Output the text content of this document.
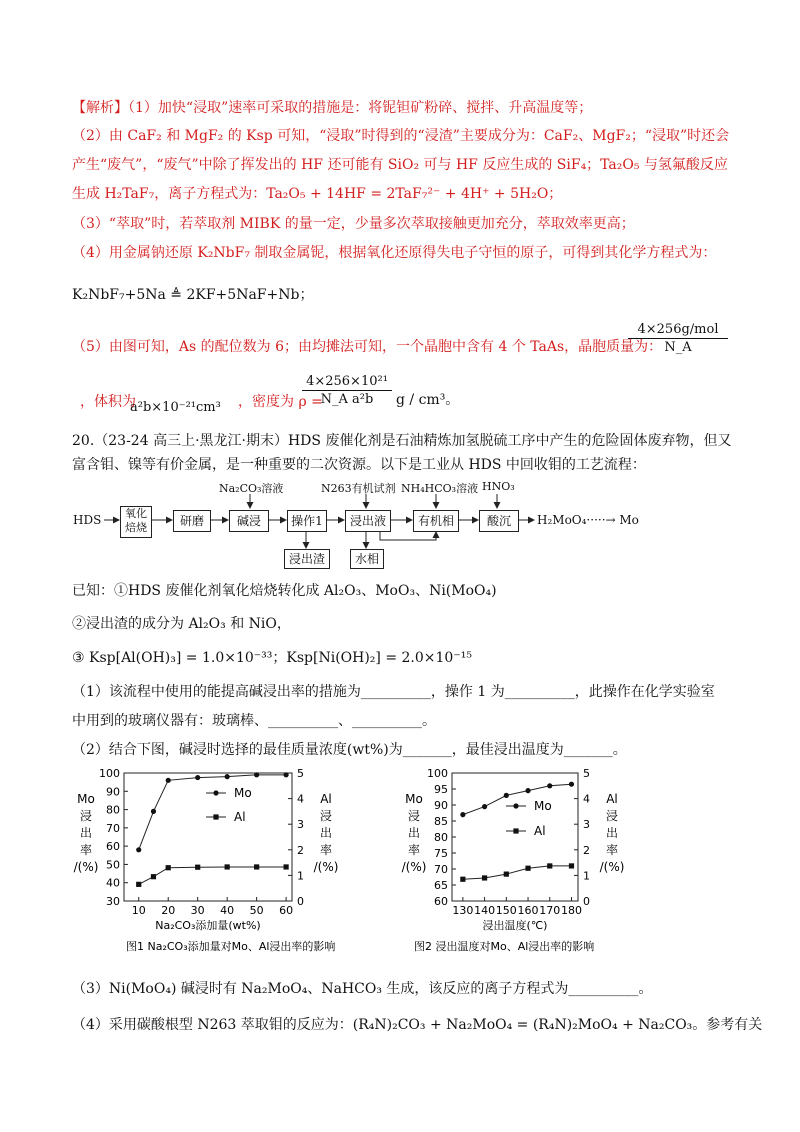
【解析】（1）加快“浸取”速率可采取的措施是：将铌钽矿粉碎、搅拌、升高温度等；
（2）由 CaF₂ 和 MgF₂ 的 Ksp 可知，“浸取”时得到的“浸渣”主要成分为：CaF₂、MgF₂；“浸取”时还会
产生“废气”，“废气”中除了挥发出的 HF 还可能有 SiO₂ 可与 HF 反应生成的 SiF₄；Ta₂O₅ 与氢氟酸反应
生成 H₂TaF₇，离子方程式为：Ta₂O₅ + 14HF = 2TaF₇²⁻ + 4H⁺ + 5H₂O；
（3）“萃取”时，若萃取剂 MIBK 的量一定，少量多次萃取接触更加充分，萃取效率更高；
（4）用金属钠还原 K₂NbF₇ 制取金属铌，根据氧化还原得失电子守恒的原子，可得到其化学方程式为：
K₂NbF₇+5Na ≜ 2KF+5NaF+Nb；
（5）由图可知，As 的配位数为 6；由均摊法可知，一个晶胞中含有 4 个 TaAs，晶胞质量为：
4×256g/mol
N_A
，体积为
a²b×10⁻²¹cm³ ，密度为 ρ =
4×256×10²¹
N_A a²b	g / cm³。
20.（23-24 高三上·黑龙江·期末）HDS 废催化剂是石油精炼加氢脱硫工序中产生的危险固体废弃物，但又
富含钼、镍等有价金属，是一种重要的二次资源。以下是工业从 HDS 中回收钼的工艺流程：
HDS	氧化焙烧	研磨	碱浸	操作1	浸出液	有机相	酸沉
Na₂CO₃溶液	N263有机试剂 NH₄HCO₃溶液 HNO₃
浸出渣	水相
H₂MoO₄·····→ Mo
已知：①HDS 废催化剂氧化焙烧转化成 Al₂O₃、MoO₃、Ni(MoO₄)
②浸出渣的成分为 Al₂O₃ 和 NiO，
③ Ksp[Al(OH)₃] = 1.0×10⁻³³；Ksp[Ni(OH)₂] = 2.0×10⁻¹⁵
（1）该流程中使用的能提高碱浸出率的措施为__________，操作 1 为__________，此操作在化学实验室
中用到的玻璃仪器有：玻璃棒、__________、__________。
（2）结合下图，碱浸时选择的最佳质量浓度(wt%)为_______，最佳浸出温度为_______。
10 20 30 40 50 60
30
40
50
60
70
80
90
100
0
1
2
3
4
5
Mo
浸
出
率
/(%)
Al
浸
出
率
/(%)
Na₂CO₃添加量(wt%)
图1 Na₂CO₃添加量对Mo、Al浸出率的影响
Mo
Al
130 140 150 160 170 180
60
65
70
75
80
85
90
95
100
0
1
2
3
4
5
Mo
浸
出
率
/(%)
Al
浸
出
率
/(%)
浸出温度(℃)
图2 浸出温度对Mo、Al浸出率的影响
Mo
Al
（3）Ni(MoO₄) 碱浸时有 Na₂MoO₄、NaHCO₃ 生成，该反应的离子方程式为__________。
（4）采用碳酸根型 N263 萃取钼的反应为：(R₄N)₂CO₃ + Na₂MoO₄ = (R₄N)₂MoO₄ + Na₂CO₃。参考有关
